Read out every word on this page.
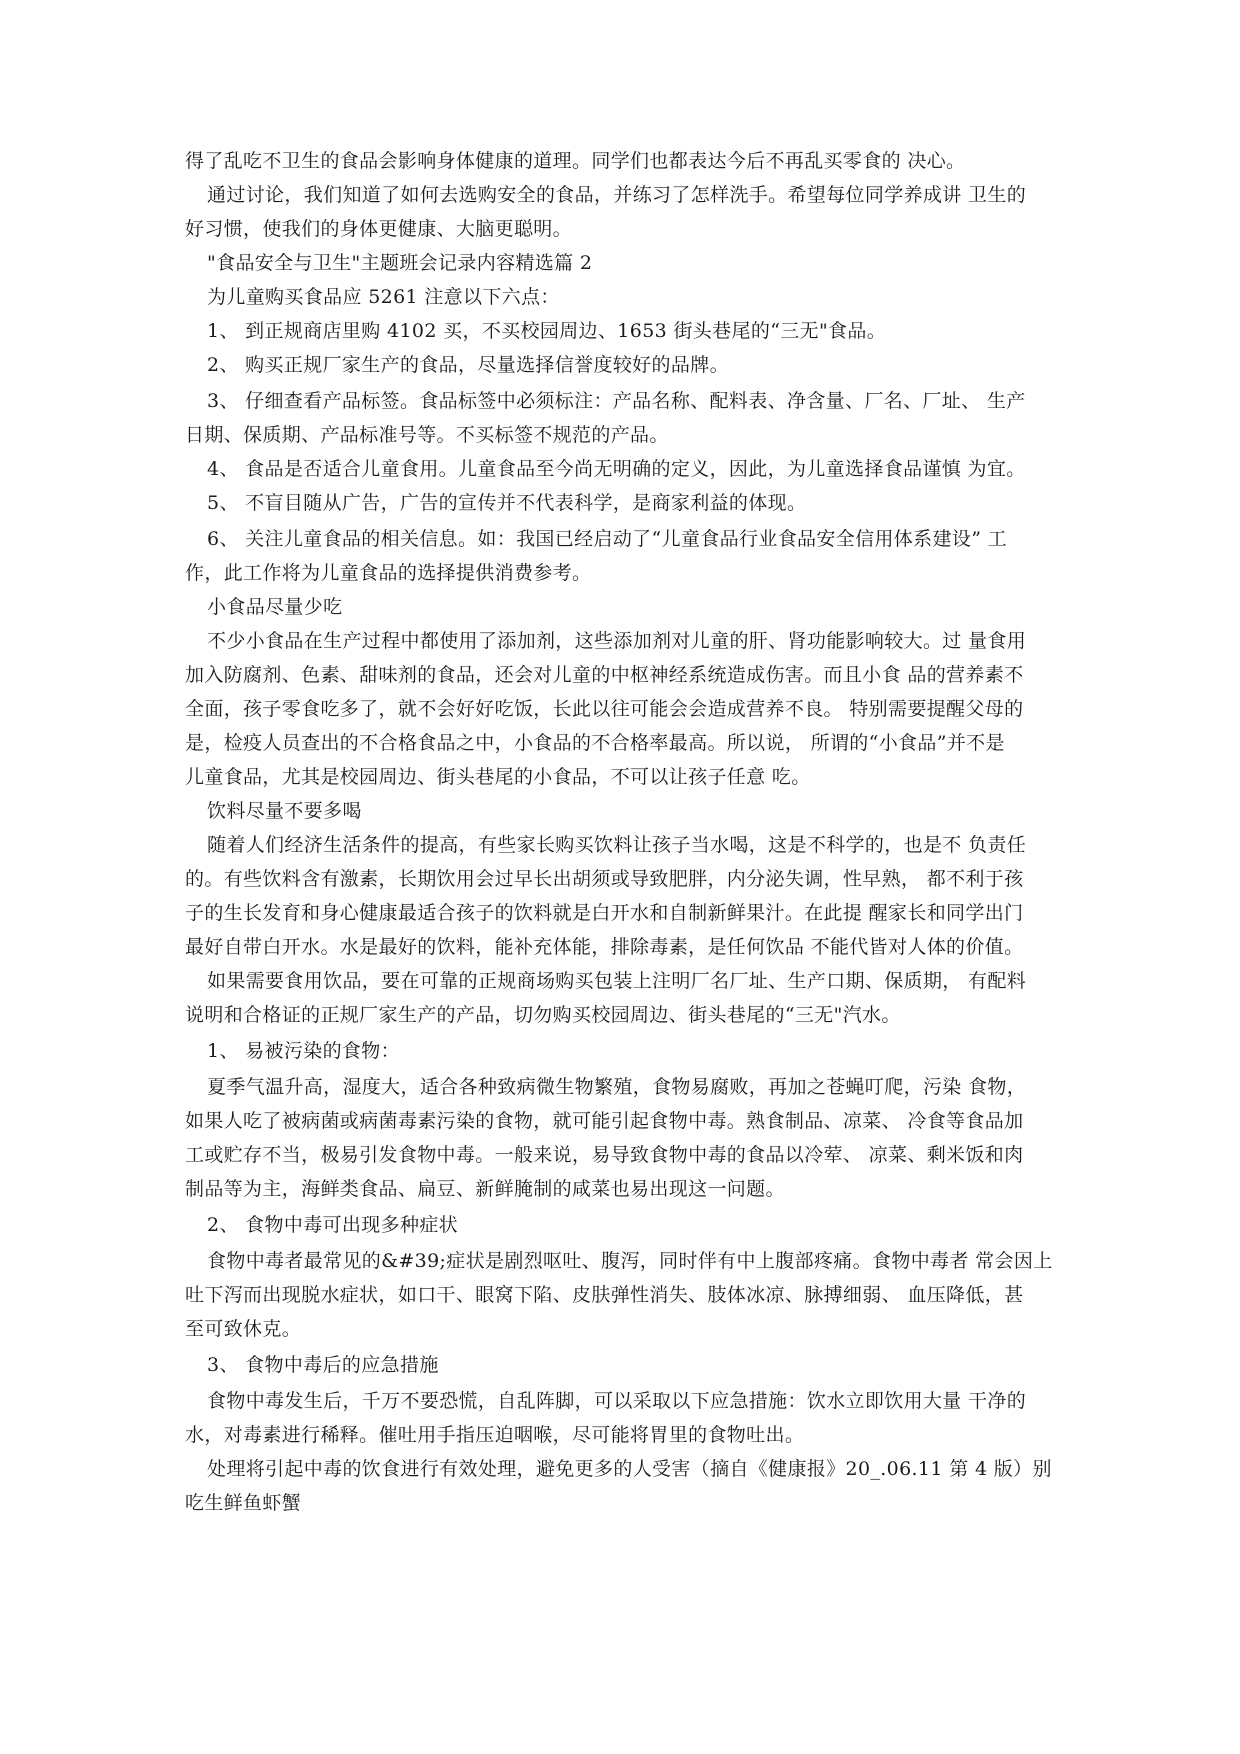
得了乱吃不卫生的食品会影响身体健康的道理。同学们也都表达今后不再乱买零食的 决心。
通过讨论，我们知道了如何去选购安全的食品，并练习了怎样洗手。希望每位同学养成讲 卫生的
好习惯，使我们的身体更健康、大脑更聪明。
"食品安全与卫生"主题班会记录内容精选篇 2
为儿童购买食品应 5261 注意以下六点：
1、 到正规商店里购 4102 买，不买校园周边、1653 街头巷尾的“三无"食品。
2、 购买正规厂家生产的食品，尽量选择信誉度较好的品牌。
3、 仔细查看产品标签。食品标签中必须标注：产品名称、配料表、净含量、厂名、厂址、 生产
日期、保质期、产品标准号等。不买标签不规范的产品。
4、 食品是否适合儿童食用。儿童食品至今尚无明确的定义，因此，为儿童选择食品谨慎 为宜。
5、 不盲目随从广告，广告的宣传并不代表科学，是商家利益的体现。
6、 关注儿童食品的相关信息。如：我国已经启动了“儿童食品行业食品安全信用体系建设” 工
作，此工作将为儿童食品的选择提供消费参考。
小食品尽量少吃
不少小食品在生产过程中都使用了添加剂，这些添加剂对儿童的肝、肾功能影响较大。过 量食用
加入防腐剂、色素、甜味剂的食品，还会对儿童的中枢神经系统造成伤害。而且小食 品的营养素不
全面，孩子零食吃多了，就不会好好吃饭，长此以往可能会会造成营养不良。 特别需要提醒父母的
是，检疫人员查出的不合格食品之中，小食品的不合格率最高。所以说， 所谓的“小食品”并不是
儿童食品，尤其是校园周边、街头巷尾的小食品，不可以让孩子任意 吃。
饮料尽量不要多喝
随着人们经济生活条件的提高，有些家长购买饮料让孩子当水喝，这是不科学的，也是不 负责任
的。有些饮料含有激素，长期饮用会过早长出胡须或导致肥胖，内分泌失调，性早熟， 都不利于孩
子的生长发育和身心健康最适合孩子的饮料就是白开水和自制新鲜果汁。在此提 醒家长和同学出门
最好自带白开水。水是最好的饮料，能补充体能，排除毒素，是任何饮品 不能代皆对人体的价值。
如果需要食用饮品，要在可靠的正规商场购买包装上注明厂名厂址、生产口期、保质期， 有配料
说明和合格证的正规厂家生产的产品，切勿购买校园周边、街头巷尾的“三无"汽水。
1、 易被污染的食物：
夏季气温升高，湿度大，适合各种致病微生物繁殖，食物易腐败，再加之苍蝇叮爬，污染 食物，
如果人吃了被病菌或病菌毒素污染的食物，就可能引起食物中毒。熟食制品、凉菜、 冷食等食品加
工或贮存不当，极易引发食物中毒。一般来说，易导致食物中毒的食品以冷荤、 凉菜、剩米饭和肉
制品等为主，海鲜类食品、扁豆、新鲜腌制的咸菜也易出现这一问题。
2、 食物中毒可出现多种症状
食物中毒者最常见的&#39;症状是剧烈呕吐、腹泻，同时伴有中上腹部疼痛。食物中毒者 常会因上
吐下泻而出现脱水症状，如口干、眼窝下陷、皮肤弹性消失、肢体冰凉、脉搏细弱、 血压降低，甚
至可致休克。
3、 食物中毒后的应急措施
食物中毒发生后，千万不要恐慌，自乱阵脚，可以采取以下应急措施：饮水立即饮用大量 干净的
水，对毒素进行稀释。催吐用手指压迫咽喉，尽可能将胃里的食物吐出。
处理将引起中毒的饮食进行有效处理，避免更多的人受害（摘自《健康报》20_.06.11 第 4 版）别
吃生鲜鱼虾蟹
